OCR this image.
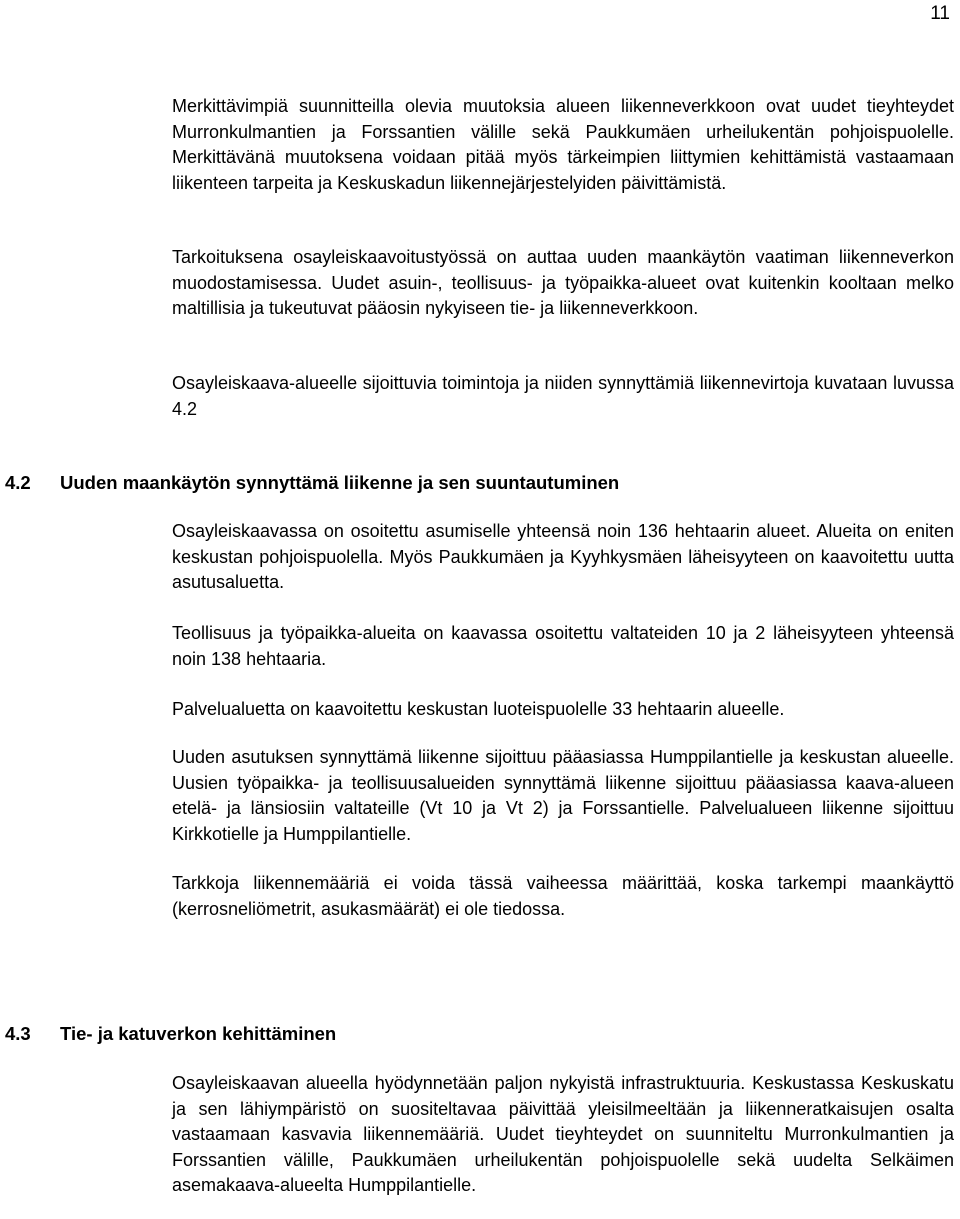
11

Merkittävimpiä suunnitteilla olevia muutoksia alueen liikenneverkkoon ovat uudet tieyhteydet Murronkulmantien ja Forssantien välille sekä Paukkumäen urheilukentän pohjoispuolelle. Merkittävänä muutoksena voidaan pitää myös tärkeimpien liittymien kehittämistä vastaamaan liikenteen tarpeita ja Keskuskadun liikennejärjestelyiden päivittämistä.

Tarkoituksena osayleiskaavoitustyössä on auttaa uuden maankäytön vaatiman liikenneverkon muodostamisessa. Uudet asuin-, teollisuus- ja työpaikka-alueet ovat kuitenkin kooltaan melko maltillisia ja tukeutuvat pääosin nykyiseen tie- ja liikenneverkkoon.

Osayleiskaava-alueelle sijoittuvia toimintoja ja niiden synnyttämiä liikennevirtoja kuvataan luvussa 4.2

4.2 Uuden maankäytön synnyttämä liikenne ja sen suuntautuminen

Osayleiskaavassa on osoitettu asumiselle yhteensä noin 136 hehtaarin alueet. Alueita on eniten keskustan pohjoispuolella. Myös Paukkumäen ja Kyyhkysmäen läheisyyteen on kaavoitettu uutta asutusaluetta.

Teollisuus ja työpaikka-alueita on kaavassa osoitettu valtateiden 10 ja 2 läheisyyteen yhteensä noin 138 hehtaaria.

Palvelualuetta on kaavoitettu keskustan luoteispuolelle 33 hehtaarin alueelle.

Uuden asutuksen synnyttämä liikenne sijoittuu pääasiassa Humppilantielle ja keskustan alueelle. Uusien työpaikka- ja teollisuusalueiden synnyttämä liikenne sijoittuu pääasiassa kaava-alueen etelä- ja länsiosiin valtateille (Vt 10 ja Vt 2) ja Forssantielle. Palvelualueen liikenne sijoittuu Kirkkotielle ja Humppilantielle.

Tarkkoja liikennemääriä ei voida tässä vaiheessa määrittää, koska tarkempi maankäyttö (kerrosneliömetrit, asukasmäärät) ei ole tiedossa.

4.3 Tie- ja katuverkon kehittäminen

Osayleiskaavan alueella hyödynnetään paljon nykyistä infrastruktuuria. Keskustassa Keskuskatu ja sen lähiympäristö on suositeltavaa päivittää yleisilmeeltään ja liikenneratkaisujen osalta vastaamaan kasvavia liikennemääriä. Uudet tieyhteydet on suunniteltu Murronkulmantien ja Forssantien välille, Paukkumäen urheilukentän pohjoispuolelle sekä uudelta Selkäimen asemakaava-alueelta Humppilantielle.
